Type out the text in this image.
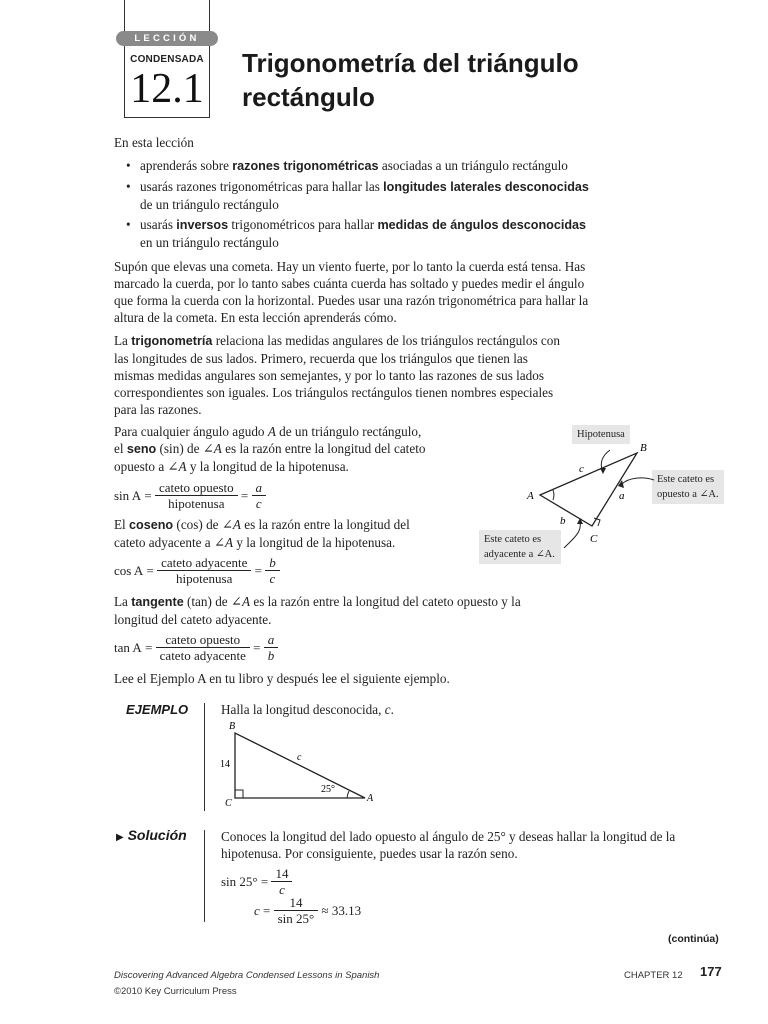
LECCIÓN
CONDENSADA
12.1
Trigonometría del triángulo
rectángulo
En esta lección
• aprenderás sobre razones trigonométricas asociadas a un triángulo rectángulo
• usarás razones trigonométricas para hallar las longitudes laterales desconocidas de un triángulo rectángulo
• usarás inversos trigonométricos para hallar medidas de ángulos desconocidas en un triángulo rectángulo
Supón que elevas una cometa. Hay un viento fuerte, por lo tanto la cuerda está tensa. Has marcado la cuerda, por lo tanto sabes cuánta cuerda has soltado y puedes medir el ángulo que forma la cuerda con la horizontal. Puedes usar una razón trigonométrica para hallar la altura de la cometa. En esta lección aprenderás cómo.
La trigonometría relaciona las medidas angulares de los triángulos rectángulos con las longitudes de sus lados. Primero, recuerda que los triángulos que tienen las mismas medidas angulares son semejantes, y por lo tanto las razones de sus lados correspondientes son iguales. Los triángulos rectángulos tienen nombres especiales para las razones.
Para cualquier ángulo agudo A de un triángulo rectángulo,
el seno (sin) de ∠A es la razón entre la longitud del cateto
opuesto a ∠A y la longitud de la hipotenusa.
$\sin A = \frac{\text{cateto opuesto}}{\text{hipotenusa}} = \frac{a}{c}$
El coseno (cos) de ∠A es la razón entre la longitud del
cateto adyacente a ∠A y la longitud de la hipotenusa.
$\cos A = \frac{\text{cateto adyacente}}{\text{hipotenusa}} = \frac{b}{c}$
La tangente (tan) de ∠A es la razón entre la longitud del cateto opuesto y la
longitud del cateto adyacente.
$\tan A = \frac{\text{cateto opuesto}}{\text{cateto adyacente}} = \frac{a}{b}$
Lee el Ejemplo A en tu libro y después lee el siguiente ejemplo.
Hipotenusa
Este cateto es opuesto a ∠A.
Este cateto es adyacente a ∠A.
A
B
C
a
b
c
EJEMPLO Halla la longitud desconocida, c.
B
C	A
14
c
25°
▶ Solución	Conoces la longitud del lado opuesto al ángulo de 25° y deseas hallar la longitud de la hipotenusa. Por consiguiente, puedes usar la razón seno.
$\sin 25^\circ = \frac{14}{c}$
$c = \frac{14}{\sin 25^\circ} \approx 33.13$
(continúa)
Discovering Advanced Algebra Condensed Lessons in Spanish
©2010 Key Curriculum Press
CHAPTER 12 177
